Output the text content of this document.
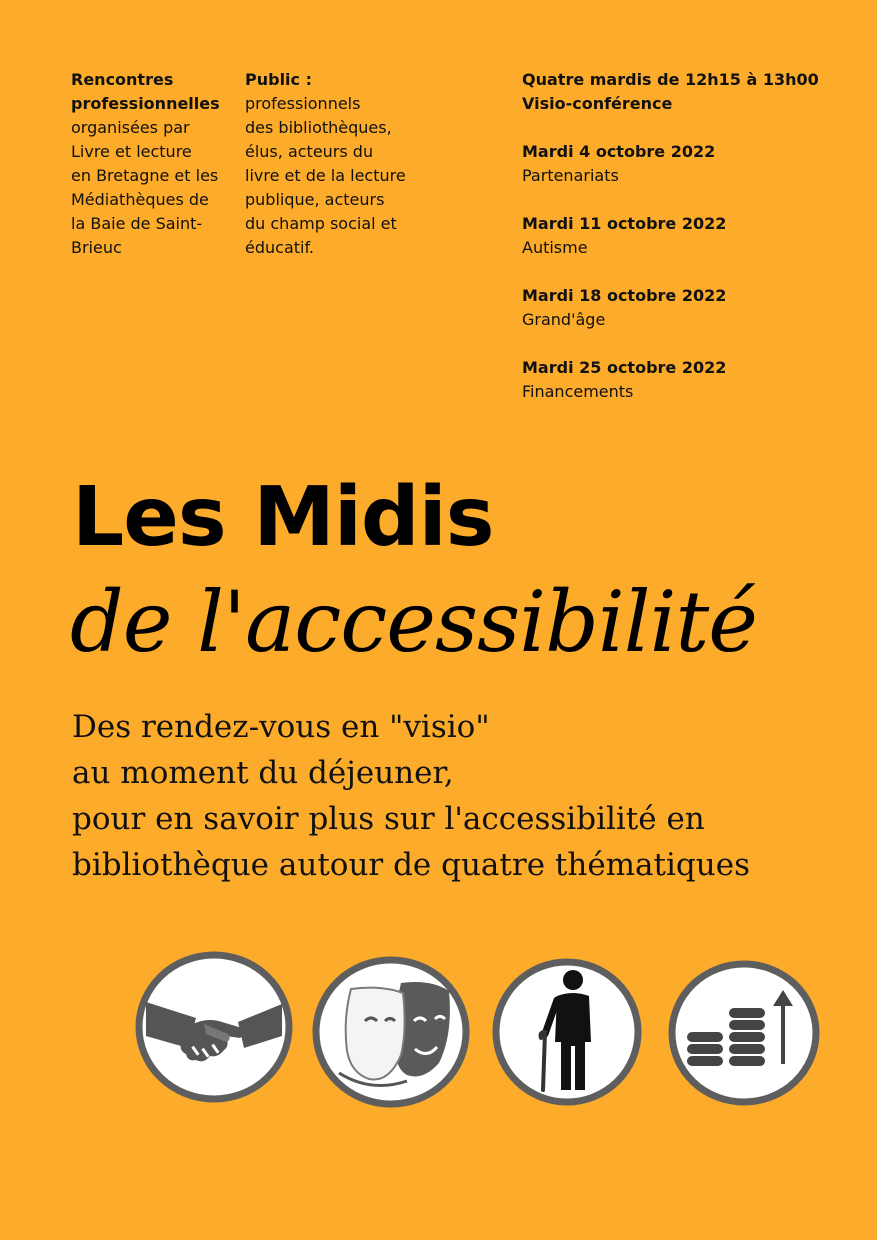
Rencontres
professionnelles
organisées par
Livre et lecture
en Bretagne et les
Médiathèques de
la Baie de Saint-
Brieuc
Public :
professionnels
des bibliothèques,
élus, acteurs du
livre et de la lecture
publique, acteurs
du champ social et
éducatif.
Quatre mardis de 12h15 à 13h00
Visio-conférence
Mardi 4 octobre 2022
Partenariats
Mardi 11 octobre 2022
Autisme
Mardi 18 octobre 2022
Grand'âge
Mardi 25 octobre 2022
Financements
Les Midis
de l'accessibilité
Des rendez-vous en "visio"
au moment du déjeuner,
pour en savoir plus sur l'accessibilité en
bibliothèque autour de quatre thématiques
